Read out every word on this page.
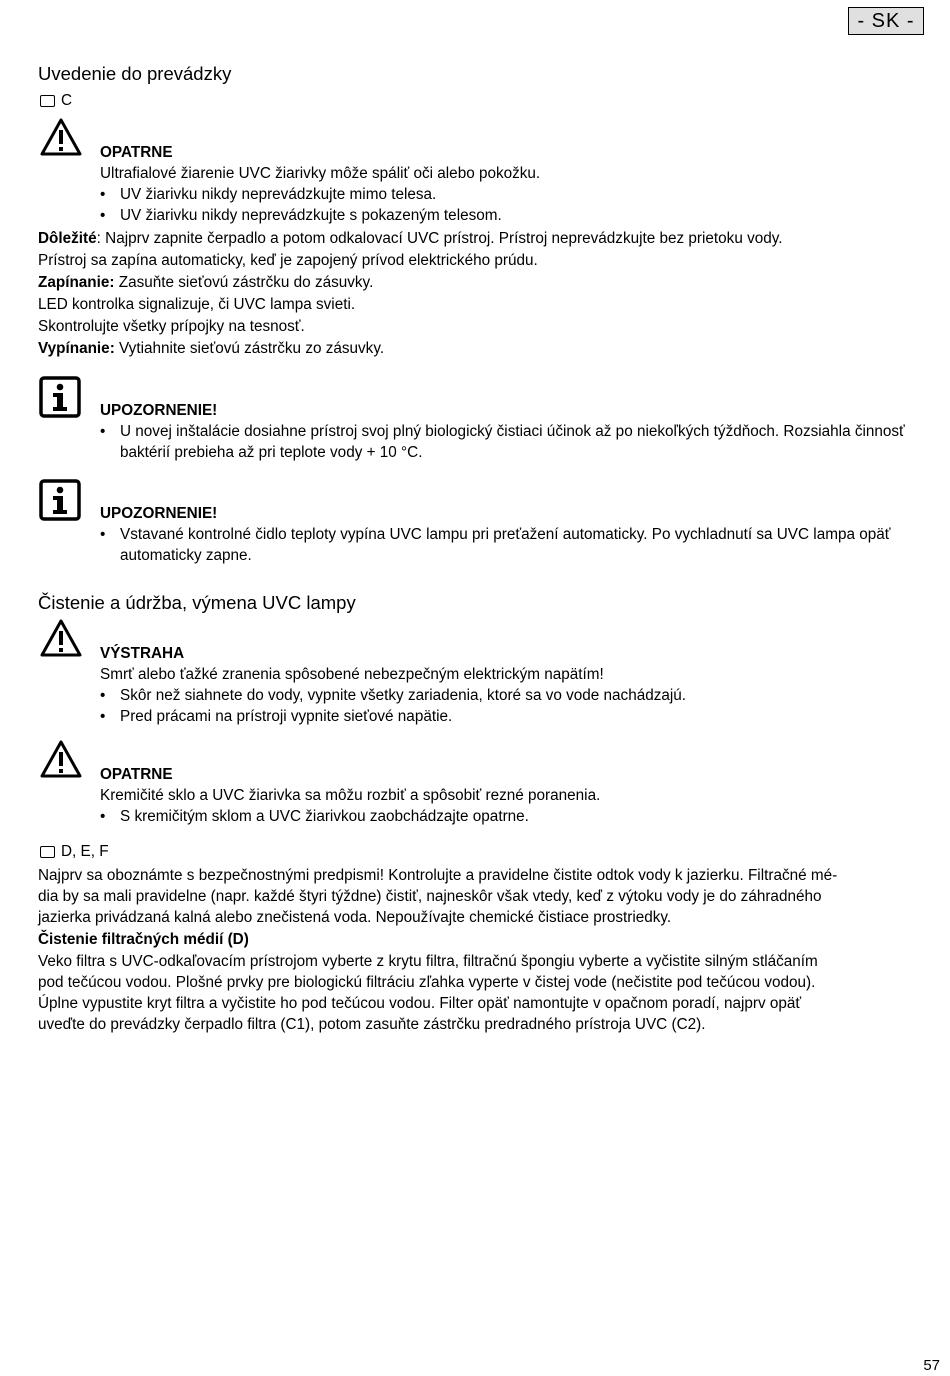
- SK -
Uvedenie do prevádzky
C
OPATRNE
Ultrafialové žiarenie UVC žiarivky môže spáliť oči alebo pokožku.
• UV žiarivku nikdy neprevádzkujte mimo telesa.
• UV žiarivku nikdy neprevádzkujte s pokazeným telesom.
Dôležité: Najprv zapnite čerpadlo a potom odkalovací UVC prístroj. Prístroj neprevádzkujte bez prietoku vody.
Prístroj sa zapína automaticky, keď je zapojený prívod elektrického prúdu.
Zapínanie: Zasuňte sieťovú zástrčku do zásuvky.
LED kontrolka signalizuje, či UVC lampa svieti.
Skontrolujte všetky prípojky na tesnosť.
Vypínanie: Vytiahnite sieťovú zástrčku zo zásuvky.
UPOZORNENIE!
• U novej inštalácie dosiahne prístroj svoj plný biologický čistiaci účinok až po niekoľkých týždňoch. Rozsiahla činnosť baktérií prebieha až pri teplote vody + 10 °C.
UPOZORNENIE!
• Vstavané kontrolné čidlo teploty vypína UVC lampu pri preťažení automaticky. Po vychladnutí sa UVC lampa opäť automaticky zapne.
Čistenie a údržba, výmena UVC lampy
VÝSTRAHA
Smrť alebo ťažké zranenia spôsobené nebezpečným elektrickým napätím!
• Skôr než siahnete do vody, vypnite všetky zariadenia, ktoré sa vo vode nachádzajú.
• Pred prácami na prístroji vypnite sieťové napätie.
OPATRNE
Kremičité sklo a UVC žiarivka sa môžu rozbiť a spôsobiť rezné poranenia.
• S kremičitým sklom a UVC žiarivkou zaobchádzajte opatrne.
D, E, F
Najprv sa oboznámte s bezpečnostnými predpismi! Kontrolujte a pravidelne čistite odtok vody k jazierku. Filtračné mé-
dia by sa mali pravidelne (napr. každé štyri týždne) čistiť, najneskôr však vtedy, keď z výtoku vody je do záhradného
jazierka privádzaná kalná alebo znečistená voda. Nepoužívajte chemické čistiace prostriedky.
Čistenie filtračných médií (D)
Veko filtra s UVC-odkaľovacím prístrojom vyberte z krytu filtra, filtračnú špongiu vyberte a vyčistite silným stláčaním
pod tečúcou vodou. Plošné prvky pre biologickú filtráciu zľahka vyperte v čistej vode (nečistite pod tečúcou vodou).
Úplne vypustite kryt filtra a vyčistite ho pod tečúcou vodou. Filter opäť namontujte v opačnom poradí, najprv opäť
uveďte do prevádzky čerpadlo filtra (C1), potom zasuňte zástrčku predradného prístroja UVC (C2).
57
